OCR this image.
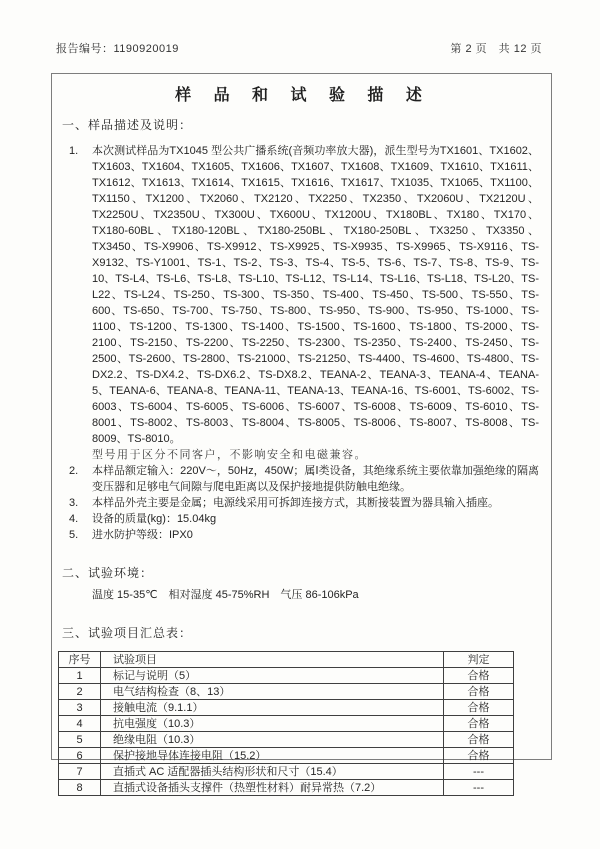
报告编号：1190920019	第 2 页　共 12 页
样 品 和 试 验 描 述
一、样品描述及说明：
1.	本次测试样品为TX1045 型公共广播系统(音频功率放大器)，派生型号为TX1601、TX1602、TX1603、TX1604、TX1605、TX1606、TX1607、TX1608、TX1609、TX1610、TX1611、TX1612、TX1613、TX1614、TX1615、TX1616、TX1617、TX1035、TX1065、TX1100、TX1150、TX1200、TX2060、TX2120、TX2250、TX2350、TX2060U、TX2120U、TX2250U、TX2350U、TX300U、TX600U、TX1200U、TX180BL、TX180、TX170、TX180-60BL、TX180-120BL、TX180-250BL、TX180-250BL、TX3250、TX3350、TX3450、TS-X9906、TS-X9912、TS-X9925、TS-X9935、TS-X9965、TS-X9116、TS-X9132、TS-Y1001、TS-1、TS-2、TS-3、TS-4、TS-5、TS-6、TS-7、TS-8、TS-9、TS-10、TS-L4、TS-L6、TS-L8、TS-L10、TS-L12、TS-L14、TS-L16、TS-L18、TS-L20、TS-L22、TS-L24、TS-250、TS-300、TS-350、TS-400、TS-450、TS-500、TS-550、TS-600、TS-650、TS-700、TS-750、TS-800、TS-950、TS-900、TS-950、TS-1000、TS-1100、TS-1200、TS-1300、TS-1400、TS-1500、TS-1600、TS-1800、TS-2000、TS-2100、TS-2150、TS-2200、TS-2250、TS-2300、TS-2350、TS-2400、TS-2450、TS-2500、TS-2600、TS-2800、TS-21000、TS-21250、TS-4400、TS-4600、TS-4800、TS-DX2.2、TS-DX4.2、TS-DX6.2、TS-DX8.2、TEANA-2、TEANA-3、TEANA-4、TEANA-5、TEANA-6、TEANA-8、TEANA-11、TEANA-13、TEANA-16、TS-6001、TS-6002、TS-6003、TS-6004、TS-6005、TS-6006、TS-6007、TS-6008、TS-6009、TS-6010、TS-8001、TS-8002、TS-8003、TS-8004、TS-8005、TS-8006、TS-8007、TS-8008、TS-8009、TS-8010。
型号用于区分不同客户，不影响安全和电磁兼容。
2.	本样品额定输入：220V～，50Hz，450W；属Ⅰ类设备，其绝缘系统主要依靠加强绝缘的隔离变压器和足够电气间隙与爬电距离以及保护接地提供防触电绝缘。
3.	本样品外壳主要是金属；电源线采用可拆卸连接方式，其断接装置为器具输入插座。
4.	设备的质量(kg)：15.04kg
5.	进水防护等级：IPX0
二、试验环境：
温度 15-35℃　相对湿度 45-75%RH　气压 86-106kPa
三、试验项目汇总表：
序号	试验项目	判定
1	标记与说明（5）	合格
2	电气结构检查（8、13）	合格
3	接触电流（9.1.1）	合格
4	抗电强度（10.3）	合格
5	绝缘电阻（10.3）	合格
6	保护接地导体连接电阻（15.2）	合格
7	直插式 AC 适配器插头结构形状和尺寸（15.4）	---
8	直插式设备插头支撑件（热塑性材料）耐异常热（7.2）	---
